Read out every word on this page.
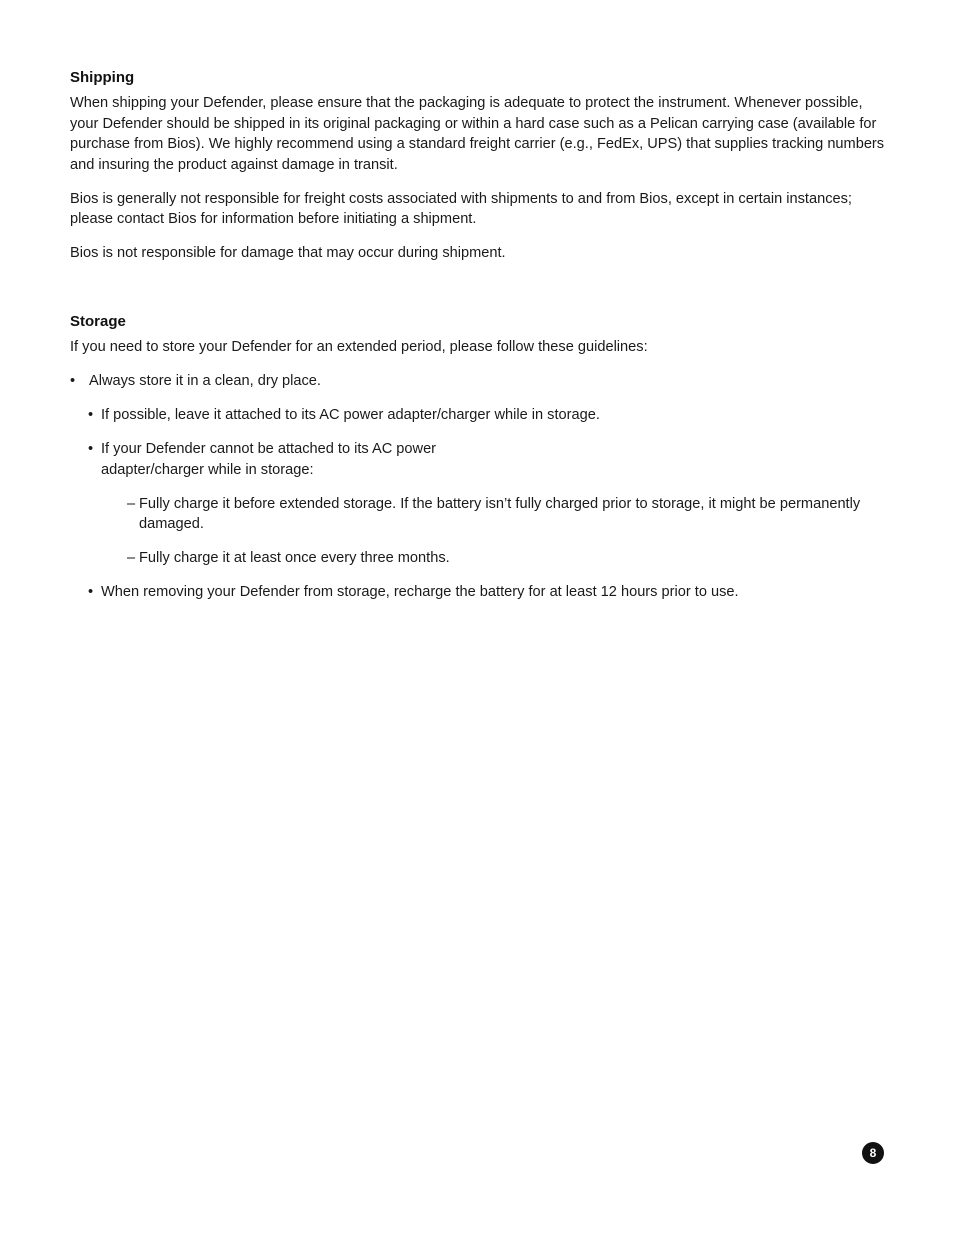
Shipping

When shipping your Defender, please ensure that the packaging is adequate to protect the instrument. Whenever possible, your Defender should be shipped in its original packaging or within a hard case such as a Pelican carrying case (available for purchase from Bios). We highly recommend using a standard freight carrier (e.g., FedEx, UPS) that supplies tracking numbers and insuring the product against damage in transit.

Bios is generally not responsible for freight costs associated with shipments to and from Bios, except in certain instances; please contact Bios for information before initiating a shipment.

Bios is not responsible for damage that may occur during shipment.

Storage

If you need to store your Defender for an extended period, please follow these guidelines:

• Always store it in a clean, dry place.
• If possible, leave it attached to its AC power adapter/charger while in storage.
• If your Defender cannot be attached to its AC power adapter/charger while in storage:
– Fully charge it before extended storage. If the battery isn’t fully charged prior to storage, it might be permanently damaged.
– Fully charge it at least once every three months.
• When removing your Defender from storage, recharge the battery for at least 12 hours prior to use.
8
